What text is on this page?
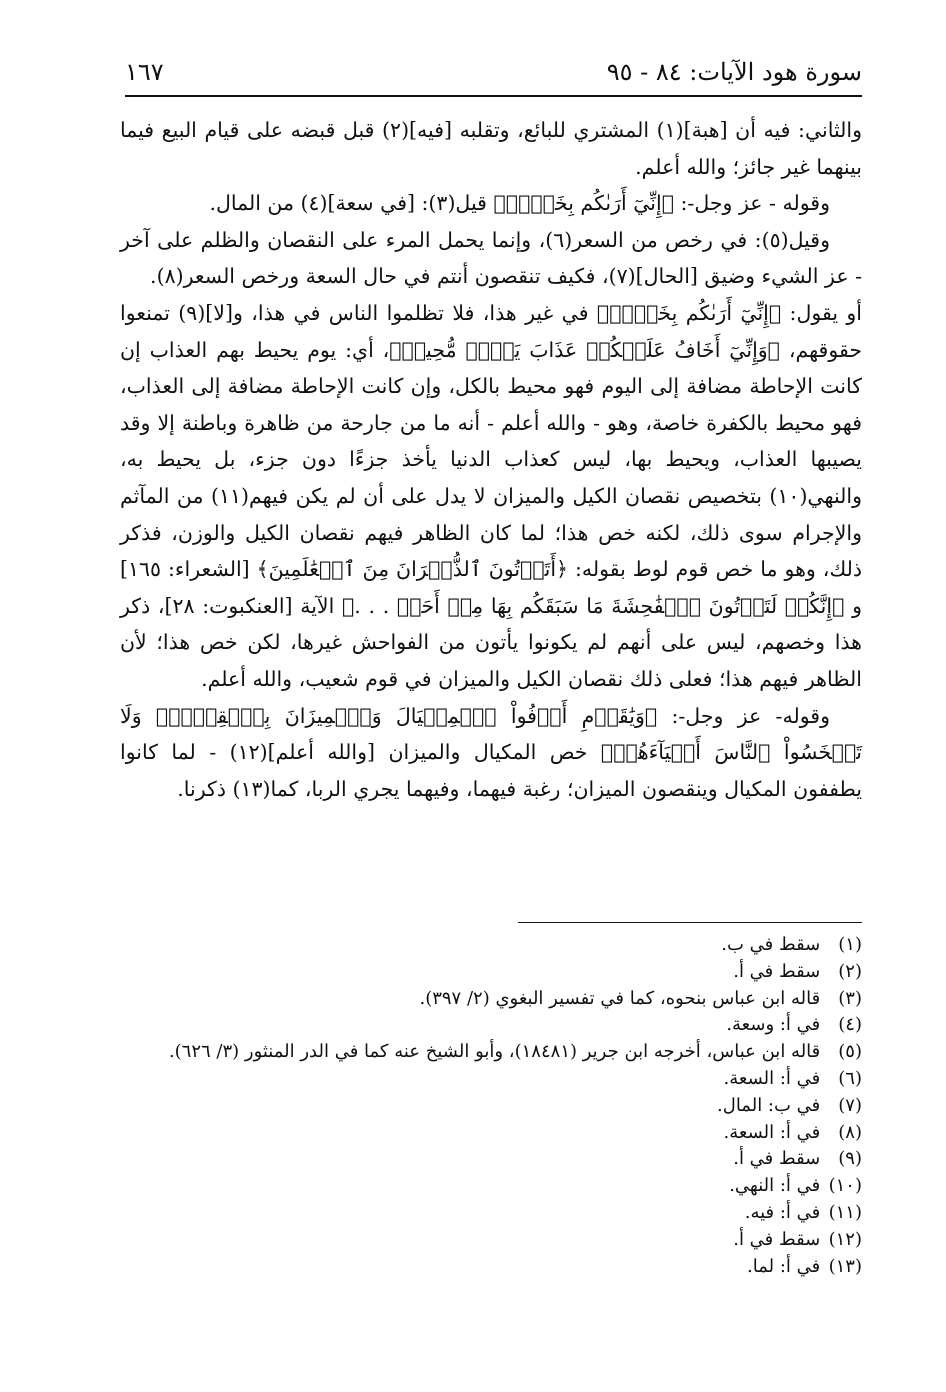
سورة هود الآيات: ٨٤ - ٩٥
١٦٧

والثاني: فيه أن [هبة](١) المشتري للبائع، وتقلبه [فيه](٢) قبل قبضه على قيام البيع فيما بينهما غير جائز؛ والله أعلم.

وقوله - عز وجل-: ﴿إِنِّيٓ أَرَىٰكُم بِخَيۡرٖ﴾ قيل(٣): [في سعة](٤) من المال.

وقيل(٥): في رخص من السعر(٦)، وإنما يحمل المرء على النقصان والظلم على آخر - عز الشيء وضيق [الحال](٧)، فكيف تنقصون أنتم في حال السعة ورخص السعر(٨).

أو يقول: ﴿إِنِّيٓ أَرَىٰكُم بِخَيۡرٖ﴾ في غير هذا، فلا تظلموا الناس في هذا، و[لا](٩) تمنعوا حقوقهم، ﴿وَإِنِّيٓ أَخَافُ عَلَيۡكُمۡ عَذَابَ يَوۡمٖ مُّحِيطٖ﴾، أي: يوم يحيط بهم العذاب إن كانت الإحاطة مضافة إلى اليوم فهو محيط بالكل، وإن كانت الإحاطة مضافة إلى العذاب، فهو محيط بالكفرة خاصة، وهو - والله أعلم - أنه ما من جارحة من ظاهرة وباطنة إلا وقد يصيبها العذاب، ويحيط بها، ليس كعذاب الدنيا يأخذ جزءًا دون جزء، بل يحيط به، والنهي(١٠) بتخصيص نقصان الكيل والميزان لا يدل على أن لم يكن فيهم(١١) من المآثم والإجرام سوى ذلك، لكنه خص هذا؛ لما كان الظاهر فيهم نقصان الكيل والوزن، فذكر ذلك، وهو ما خص قوم لوط بقوله: ﴿أَتَأۡتُونَ ٱلذُّكۡرَانَ مِنَ ٱلۡعَٰلَمِينَ﴾ [الشعراء: ١٦٥] و ﴿إِنَّكُمۡ لَتَأۡتُونَ ٱلۡفَٰحِشَةَ مَا سَبَقَكُم بِهَا مِنۡ أَحَدٖ . . .﴾ الآية [العنكبوت: ٢٨]، ذكر هذا وخصهم، ليس على أنهم لم يكونوا يأتون من الفواحش غيرها، لكن خص هذا؛ لأن الظاهر فيهم هذا؛ فعلى ذلك نقصان الكيل والميزان في قوم شعيب، والله أعلم.

وقوله- عز وجل-: ﴿وَيَٰقَوۡمِ أَوۡفُواْ ٱلۡمِكۡيَالَ وَٱلۡمِيزَانَ بِٱلۡقِسۡطِۖ وَلَا تَبۡخَسُواْ ٱلنَّاسَ أَشۡيَآءَهُمۡ﴾ خص المكيال والميزان [والله أعلم](١٢) - لما كانوا يطففون المكيال وينقصون الميزان؛ رغبة فيهما، وفيهما يجري الربا، كما(١٣) ذكرنا.

(١) سقط في ب.
(٢) سقط في أ.
(٣) قاله ابن عباس بنحوه، كما في تفسير البغوي (٢/ ٣٩٧).
(٤) في أ: وسعة.
(٥) قاله ابن عباس، أخرجه ابن جرير (١٨٤٨١)، وأبو الشيخ عنه كما في الدر المنثور (٣/ ٦٢٦).
(٦) في أ: السعة.
(٧) في ب: المال.
(٨) في أ: السعة.
(٩) سقط في أ.
(١٠) في أ: النهي.
(١١) في أ: فيه.
(١٢) سقط في أ.
(١٣) في أ: لما.
